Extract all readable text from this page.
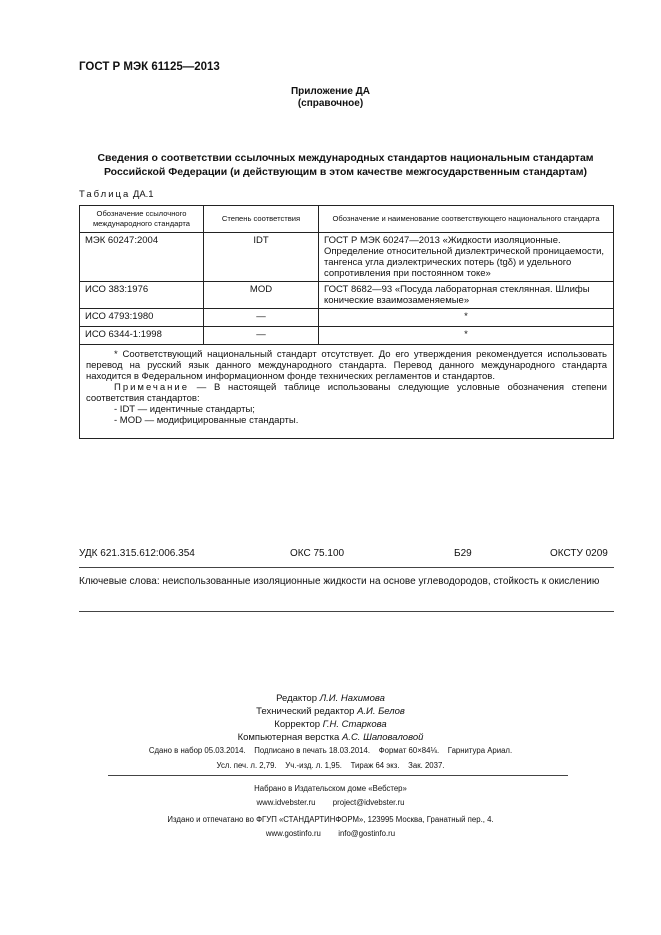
ГОСТ Р МЭК 61125—2013
Приложение ДА
(справочное)
Сведения о соответствии ссылочных международных стандартов национальным стандартам
Российской Федерации (и действующим в этом качестве межгосударственным стандартам)
Таблица ДА.1
Обозначение ссылочного международного стандарта	Степень соответствия	Обозначение и наименование соответствующего национального стандарта
МЭК 60247:2004	IDT	ГОСТ Р МЭК 60247—2013 «Жидкости изоляционные. Определение относительной диэлектрической проницаемости, тангенса угла диэлектрических потерь (tgδ) и удельного сопротивления при постоянном токе»
ИСО 383:1976	MOD	ГОСТ 8682—93 «Посуда лабораторная стеклянная. Шлифы конические взаимозаменяемые»
ИСО 4793:1980	—	*
ИСО 6344-1:1998	—	*

* Соответствующий национальный стандарт отсутствует. До его утверждения рекомендуется использовать перевод на русский язык данного международного стандарта. Перевод данного международного стандарта находится в Федеральном информационном фонде технических регламентов и стандартов.

Примечание — В настоящей таблице использованы следующие условные обозначения степени соответствия стандартов:

- IDT — идентичные стандарты;

- MOD — модифицированные стандарты.		

УДК 621.315.612:006.354	ОКС 75.100	Б29	ОКСТУ 0209
Ключевые слова: неиспользованные изоляционные жидкости на основе углеводородов, стойкость к окислению
Редактор Л.И. Нахимова
Технический редактор А.И. Белов
Корректор Г.Н. Старкова
Компьютерная верстка А.С. Шаповаловой
Сдано в набор 05.03.2014.    Подписано в печать 18.03.2014.    Формат 60×84⅛.    Гарнитура Ариал.
Усл. печ. л. 2,79.    Уч.-изд. л. 1,95.    Тираж 64 экз.    Зак. 2037.
Набрано в Издательском доме «Вебстер»
www.idvebster.ru        project@idvebster.ru
Издано и отпечатано во ФГУП «СТАНДАРТИНФОРМ», 123995 Москва, Гранатный пер., 4.
www.gostinfo.ru        info@gostinfo.ru
